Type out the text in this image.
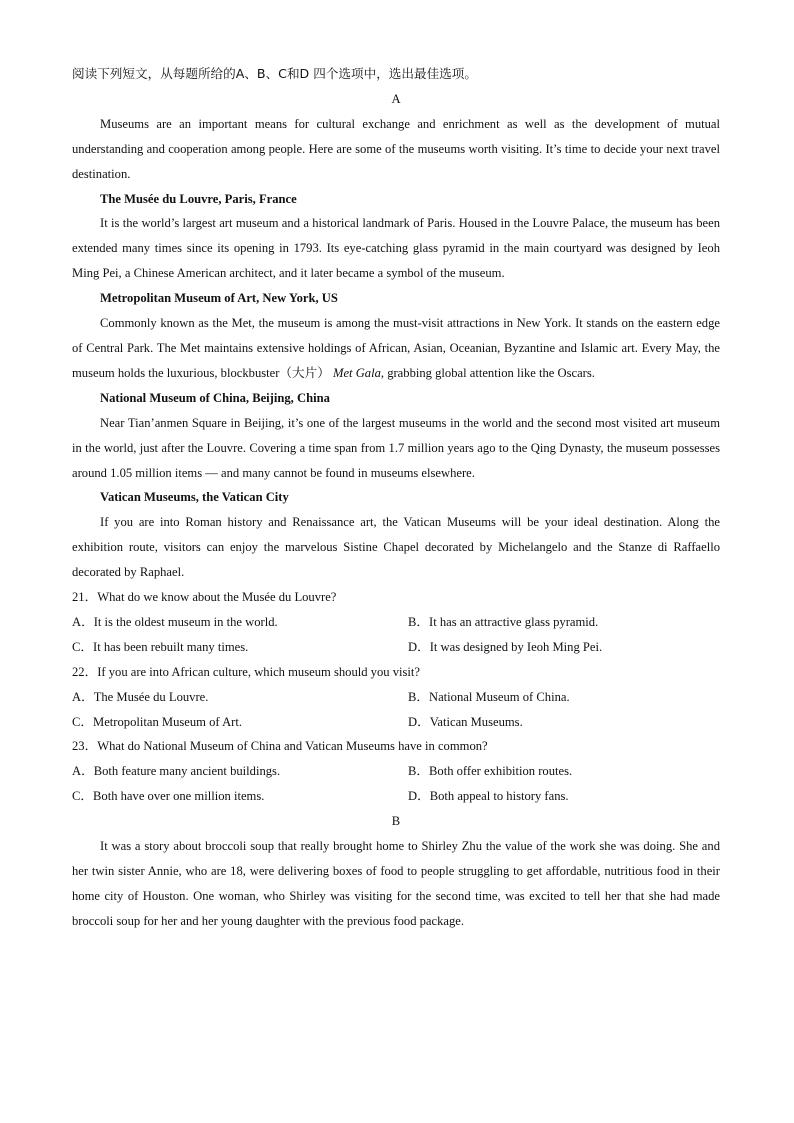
阅读下列短文，从每题所给的A、B、C和D 四个选项中，选出最佳选项。

A

Museums are an important means for cultural exchange and enrichment as well as the development of mutual understanding and cooperation among people. Here are some of the museums worth visiting. It’s time to decide your next travel destination.

The Musée du Louvre, Paris, France

It is the world’s largest art museum and a historical landmark of Paris. Housed in the Louvre Palace, the museum has been extended many times since its opening in 1793. Its eye-catching glass pyramid in the main courtyard was designed by Ieoh Ming Pei, a Chinese American architect, and it later became a symbol of the museum.

Metropolitan Museum of Art, New York, US

Commonly known as the Met, the museum is among the must-visit attractions in New York. It stands on the eastern edge of Central Park. The Met maintains extensive holdings of African, Asian, Oceanian, Byzantine and Islamic art. Every May, the museum holds the luxurious, blockbuster（大片） Met Gala, grabbing global attention like the Oscars.

National Museum of China, Beijing, China

Near Tian’anmen Square in Beijing, it’s one of the largest museums in the world and the second most visited art museum in the world, just after the Louvre. Covering a time span from 1.7 million years ago to the Qing Dynasty, the museum possesses around 1.05 million items — and many cannot be found in museums elsewhere.

Vatican Museums, the Vatican City

If you are into Roman history and Renaissance art, the Vatican Museums will be your ideal destination. Along the exhibition route, visitors can enjoy the marvelous Sistine Chapel decorated by Michelangelo and the Stanze di Raffaello decorated by Raphael.

21．What do we know about the Musée du Louvre?

A．It is the oldest museum in the world.	B．It has an attractive glass pyramid.
C．It has been rebuilt many times.	D．It was designed by Ieoh Ming Pei.

22．If you are into African culture, which museum should you visit?

A．The Musée du Louvre.	B．National Museum of China.
C．Metropolitan Museum of Art.	D．Vatican Museums.

23．What do National Museum of China and Vatican Museums have in common?

A．Both feature many ancient buildings.	B．Both offer exhibition routes.
C．Both have over one million items.	D．Both appeal to history fans.

B

It was a story about broccoli soup that really brought home to Shirley Zhu the value of the work she was doing. She and her twin sister Annie, who are 18, were delivering boxes of food to people struggling to get affordable, nutritious food in their home city of Houston. One woman, who Shirley was visiting for the second time, was excited to tell her that she had made broccoli soup for her and her young daughter with the previous food package.
